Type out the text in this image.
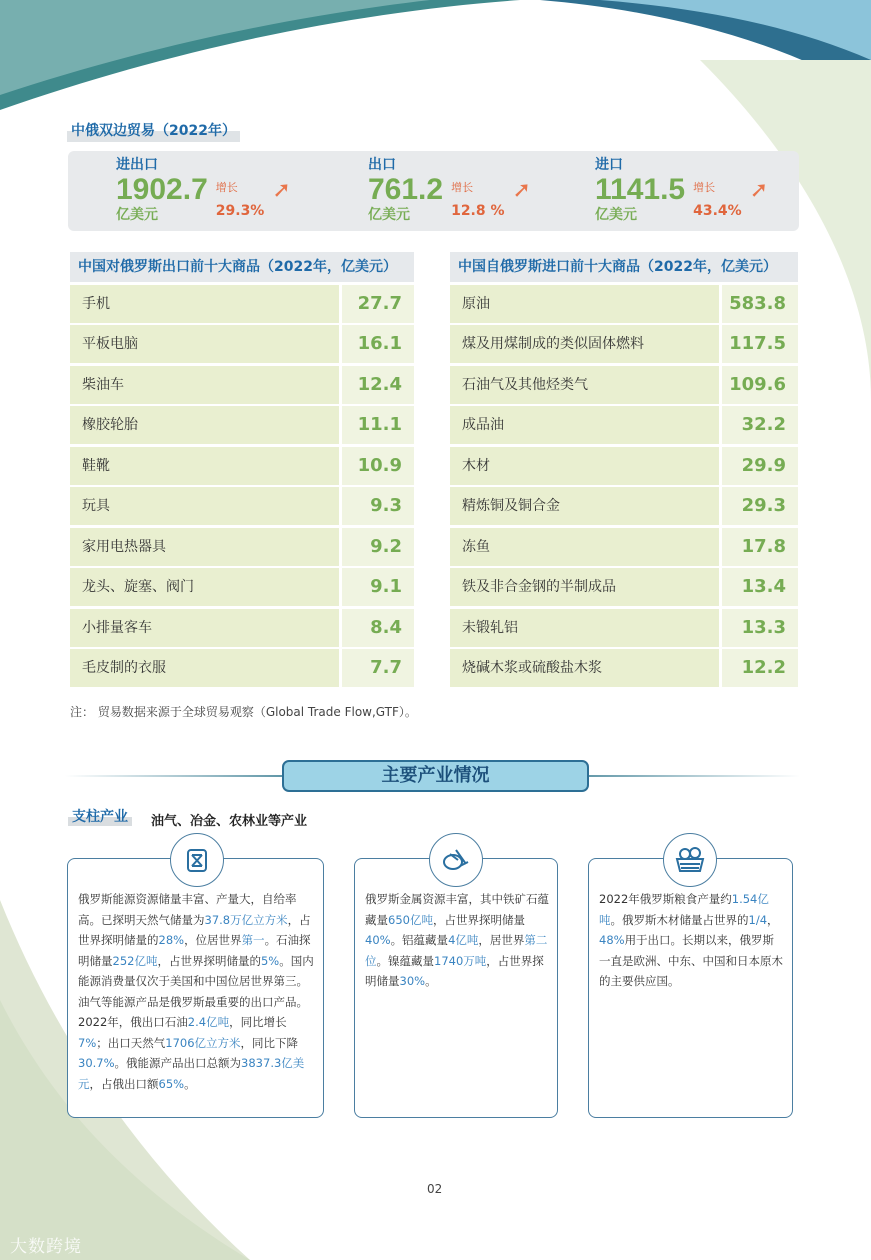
中俄双边贸易（2022年）
进出口
1902.7
亿美元
增长
29.3%
➚
出口
761.2
亿美元
增长
12.8 %
➚
进口
1141.5
亿美元
增长
43.4%
➚
中国对俄罗斯出口前十大商品（2022年，亿美元）
手机	27.7
平板电脑	16.1
柴油车	12.4
橡胶轮胎	11.1
鞋靴	10.9
玩具	9.3
家用电热器具	9.2
龙头、旋塞、阀门	9.1
小排量客车	8.4
毛皮制的衣服	7.7
中国自俄罗斯进口前十大商品（2022年，亿美元）
原油	583.8
煤及用煤制成的类似固体燃料	117.5
石油气及其他烃类气	109.6
成品油	32.2
木材	29.9
精炼铜及铜合金	29.3
冻鱼	17.8
铁及非合金钢的半制成品	13.4
未锻轧铝	13.3
烧碱木浆或硫酸盐木浆	12.2
注： 贸易数据来源于全球贸易观察（Global Trade Flow,GTF）。
主要产业情况
支柱产业	油气、冶金、农林业等产业
俄罗斯能源资源储量丰富、产量大，自给率高。已探明天然气储量为37.8万亿立方米，占世界探明储量的28%，位居世界第一。石油探明储量252亿吨，占世界探明储量的5%。国内能源消费量仅次于美国和中国位居世界第三。油气等能源产品是俄罗斯最重要的出口产品。2022年，俄出口石油2.4亿吨，同比增长7%；出口天然气1706亿立方米，同比下降30.7%。俄能源产品出口总额为3837.3亿美元，占俄出口额65%。
俄罗斯金属资源丰富，其中铁矿石蕴藏量650亿吨，占世界探明储量40%。铝蕴藏量4亿吨，居世界第二位。镍蕴藏量1740万吨，占世界探明储量30%。
2022年俄罗斯粮食产量约1.54亿吨。俄罗斯木材储量占世界的1/4，48%用于出口。长期以来，俄罗斯一直是欧洲、中东、中国和日本原木的主要供应国。
02
大数跨境
